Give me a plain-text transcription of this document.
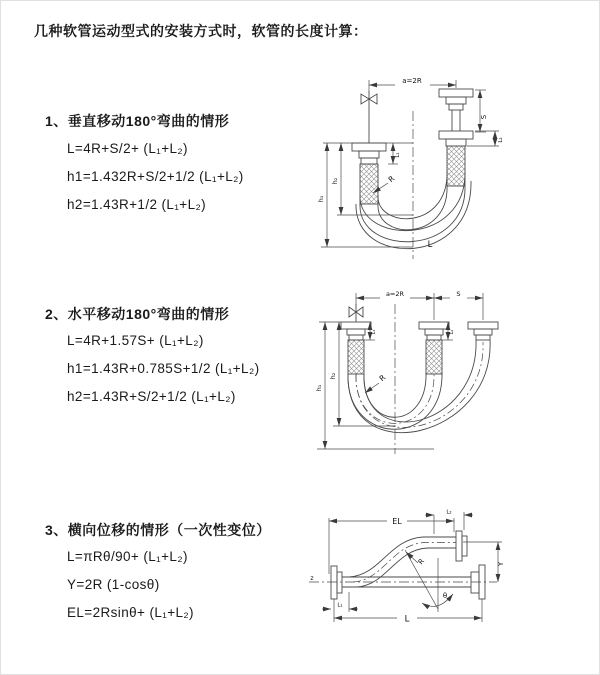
几种软管运动型式的安装方式时，软管的长度计算：
1、垂直移动180°弯曲的情形
L=4R+S/2+ (L₁+L₂)
h1=1.432R+S/2+1/2 (L₁+L₂)
h2=1.43R+1/2 (L₁+L₂)
2、水平移动180°弯曲的情形
L=4R+1.57S+ (L₁+L₂)
h1=1.43R+0.785S+1/2 (L₁+L₂)
h2=1.43R+S/2+1/2 (L₁+L₂)
3、横向位移的情形（一次性变位）
L=πRθ/90+ (L₁+L₂)
Y=2R (1-cosθ)
EL=2Rsinθ+ (L₁+L₂)
a=2R
S
h₁
h₂
L₁
L₂
R
L
a=2R	S
h₁
h₂
L₁	L₂
R
EL
L₂
Y
L
L₁
R
θ
z
